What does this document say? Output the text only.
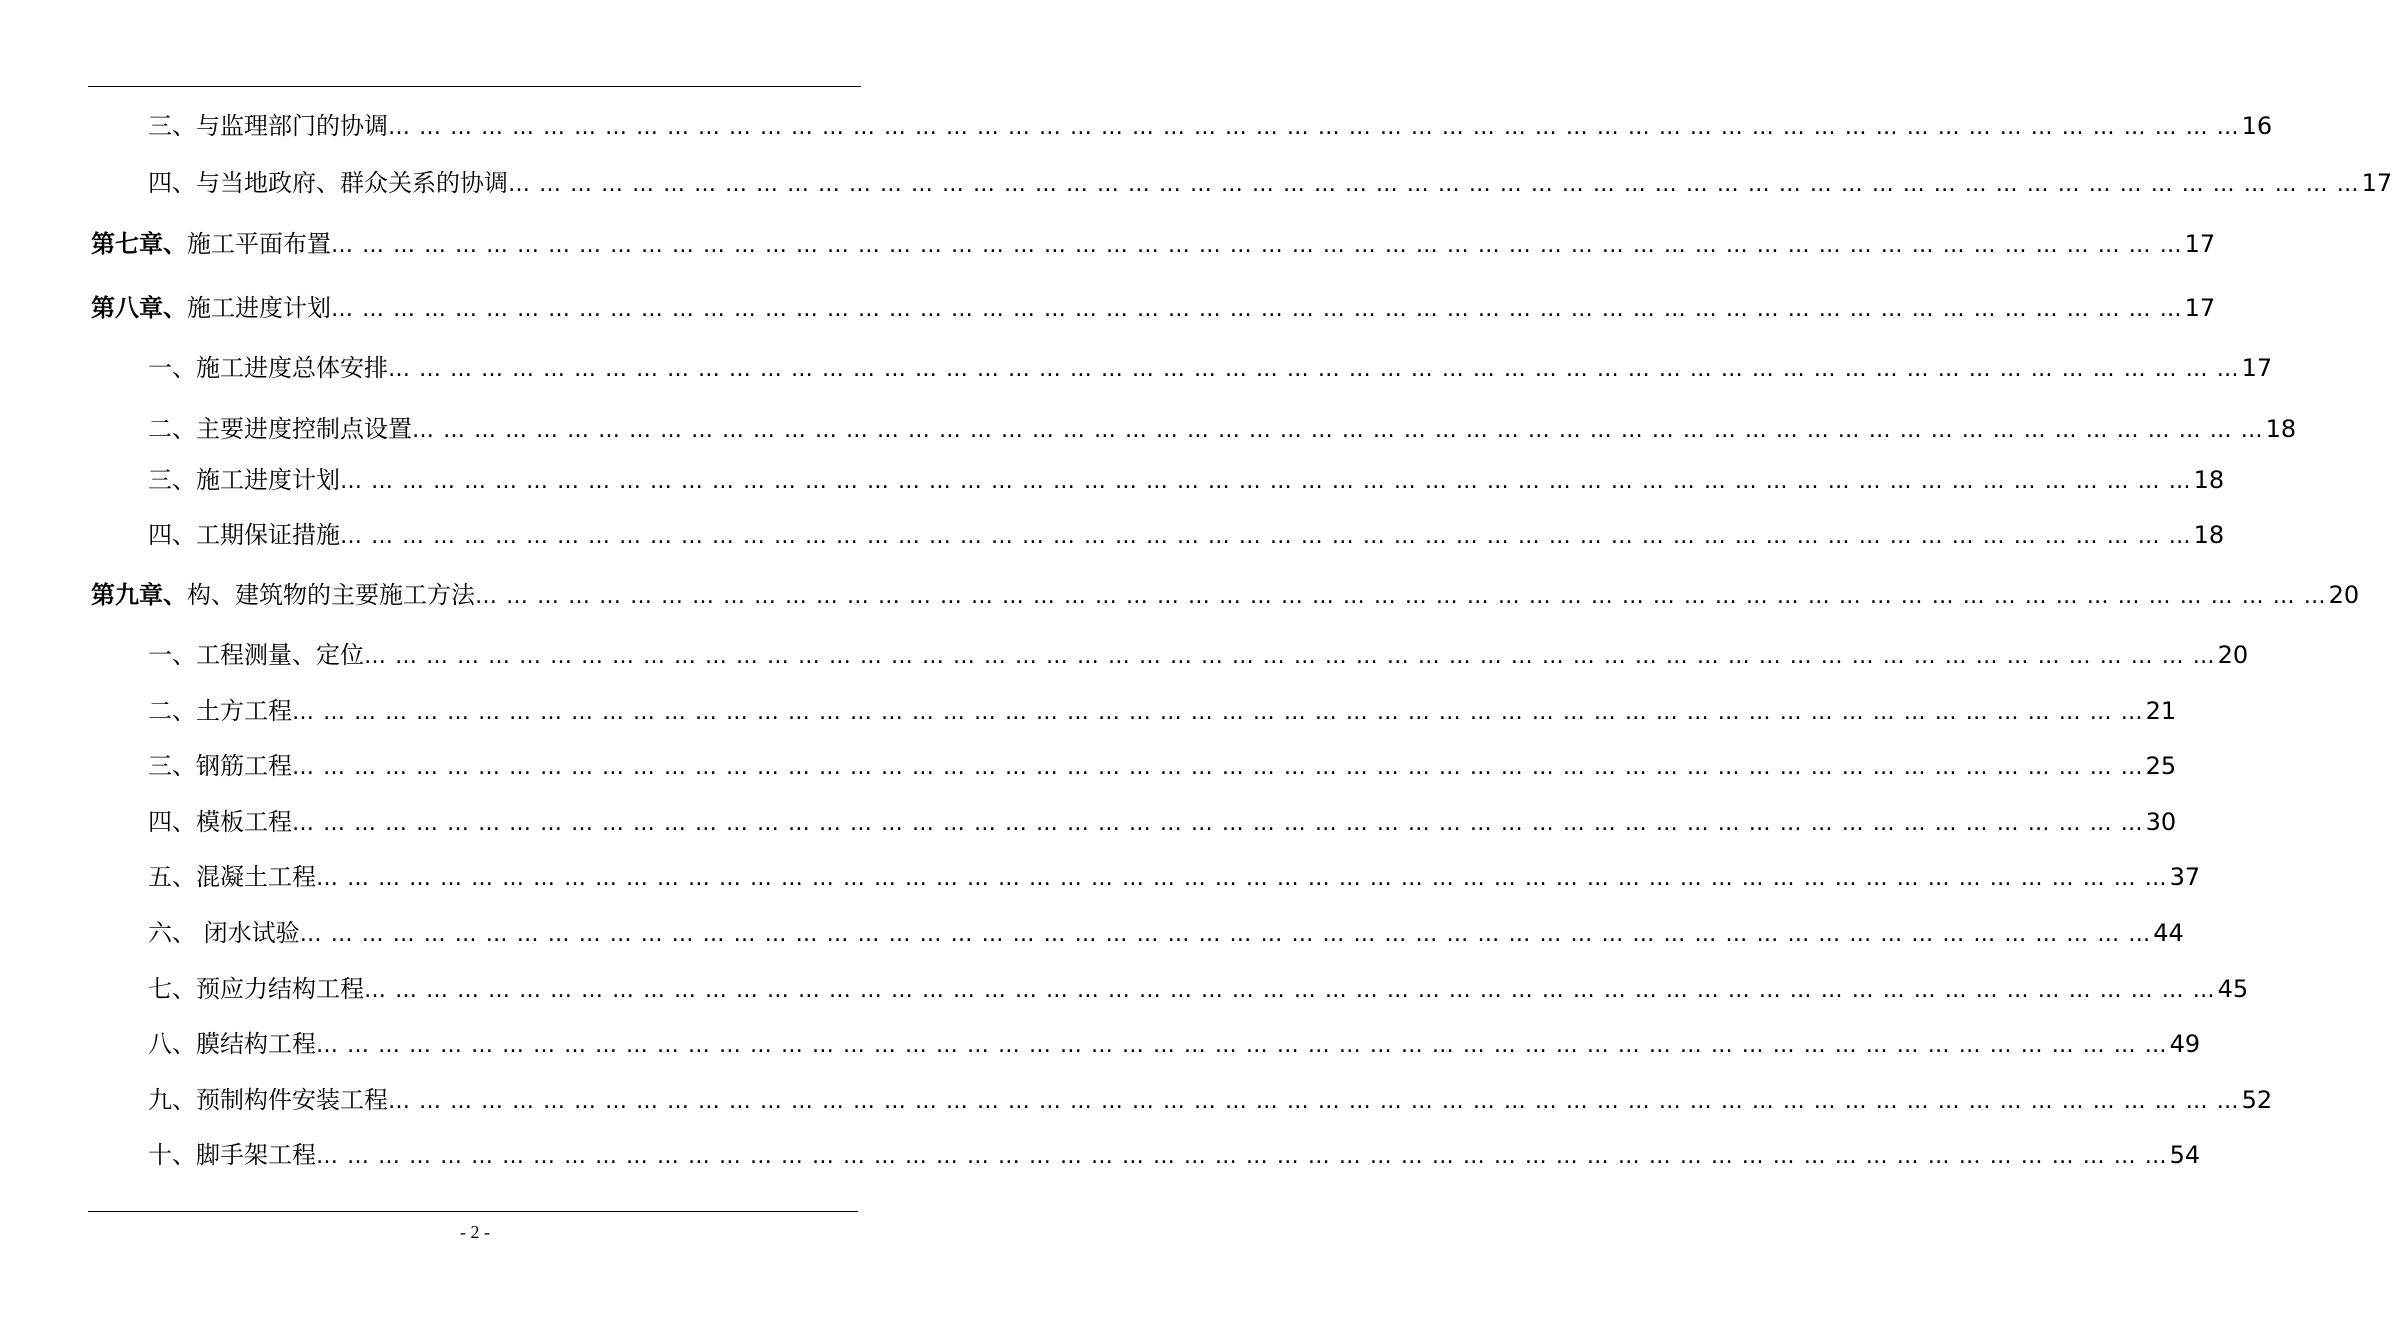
三、与监理部门的协调 … … … … … … … … … … … … … … … … … … … … … … … … … … … … … … … … … … … … … … … … … … … … … … … … … … … … … … … … … … … … 16
四、与当地政府、群众关系的协调 … … … … … … … … … … … … … … … … … … … … … … … … … … … … … … … … … … … … … … … … … … … … … … … … … … … … … … … … … … … … 17
第七章、 施工平面布置 … … … … … … … … … … … … … … … … … … … … … … … … … … … … … … … … … … … … … … … … … … … … … … … … … … … … … … … … … … … … 17
第八章、 施工进度计划 … … … … … … … … … … … … … … … … … … … … … … … … … … … … … … … … … … … … … … … … … … … … … … … … … … … … … … … … … … … … 17
一、施工进度总体安排 … … … … … … … … … … … … … … … … … … … … … … … … … … … … … … … … … … … … … … … … … … … … … … … … … … … … … … … … … … … … 17
二、主要进度控制点设置 … … … … … … … … … … … … … … … … … … … … … … … … … … … … … … … … … … … … … … … … … … … … … … … … … … … … … … … … … … … … 18
三、施工进度计划 … … … … … … … … … … … … … … … … … … … … … … … … … … … … … … … … … … … … … … … … … … … … … … … … … … … … … … … … … … … … 18
四、工期保证措施 … … … … … … … … … … … … … … … … … … … … … … … … … … … … … … … … … … … … … … … … … … … … … … … … … … … … … … … … … … … … 18
第九章、 构、建筑物的主要施工方法 … … … … … … … … … … … … … … … … … … … … … … … … … … … … … … … … … … … … … … … … … … … … … … … … … … … … … … … … … … … … 20
一、工程测量、定位 … … … … … … … … … … … … … … … … … … … … … … … … … … … … … … … … … … … … … … … … … … … … … … … … … … … … … … … … … … … … 20
二、土方工程 … … … … … … … … … … … … … … … … … … … … … … … … … … … … … … … … … … … … … … … … … … … … … … … … … … … … … … … … … … … … 21
三、钢筋工程 … … … … … … … … … … … … … … … … … … … … … … … … … … … … … … … … … … … … … … … … … … … … … … … … … … … … … … … … … … … … 25
四、模板工程 … … … … … … … … … … … … … … … … … … … … … … … … … … … … … … … … … … … … … … … … … … … … … … … … … … … … … … … … … … … … 30
五、混凝土工程 … … … … … … … … … … … … … … … … … … … … … … … … … … … … … … … … … … … … … … … … … … … … … … … … … … … … … … … … … … … … 37
六、 闭水试验 … … … … … … … … … … … … … … … … … … … … … … … … … … … … … … … … … … … … … … … … … … … … … … … … … … … … … … … … … … … … 44
七、预应力结构工程 … … … … … … … … … … … … … … … … … … … … … … … … … … … … … … … … … … … … … … … … … … … … … … … … … … … … … … … … … … … … 45
八、膜结构工程 … … … … … … … … … … … … … … … … … … … … … … … … … … … … … … … … … … … … … … … … … … … … … … … … … … … … … … … … … … … … 49
九、预制构件安装工程 … … … … … … … … … … … … … … … … … … … … … … … … … … … … … … … … … … … … … … … … … … … … … … … … … … … … … … … … … … … … 52
十、脚手架工程 … … … … … … … … … … … … … … … … … … … … … … … … … … … … … … … … … … … … … … … … … … … … … … … … … … … … … … … … … … … … 54
- 2 -
